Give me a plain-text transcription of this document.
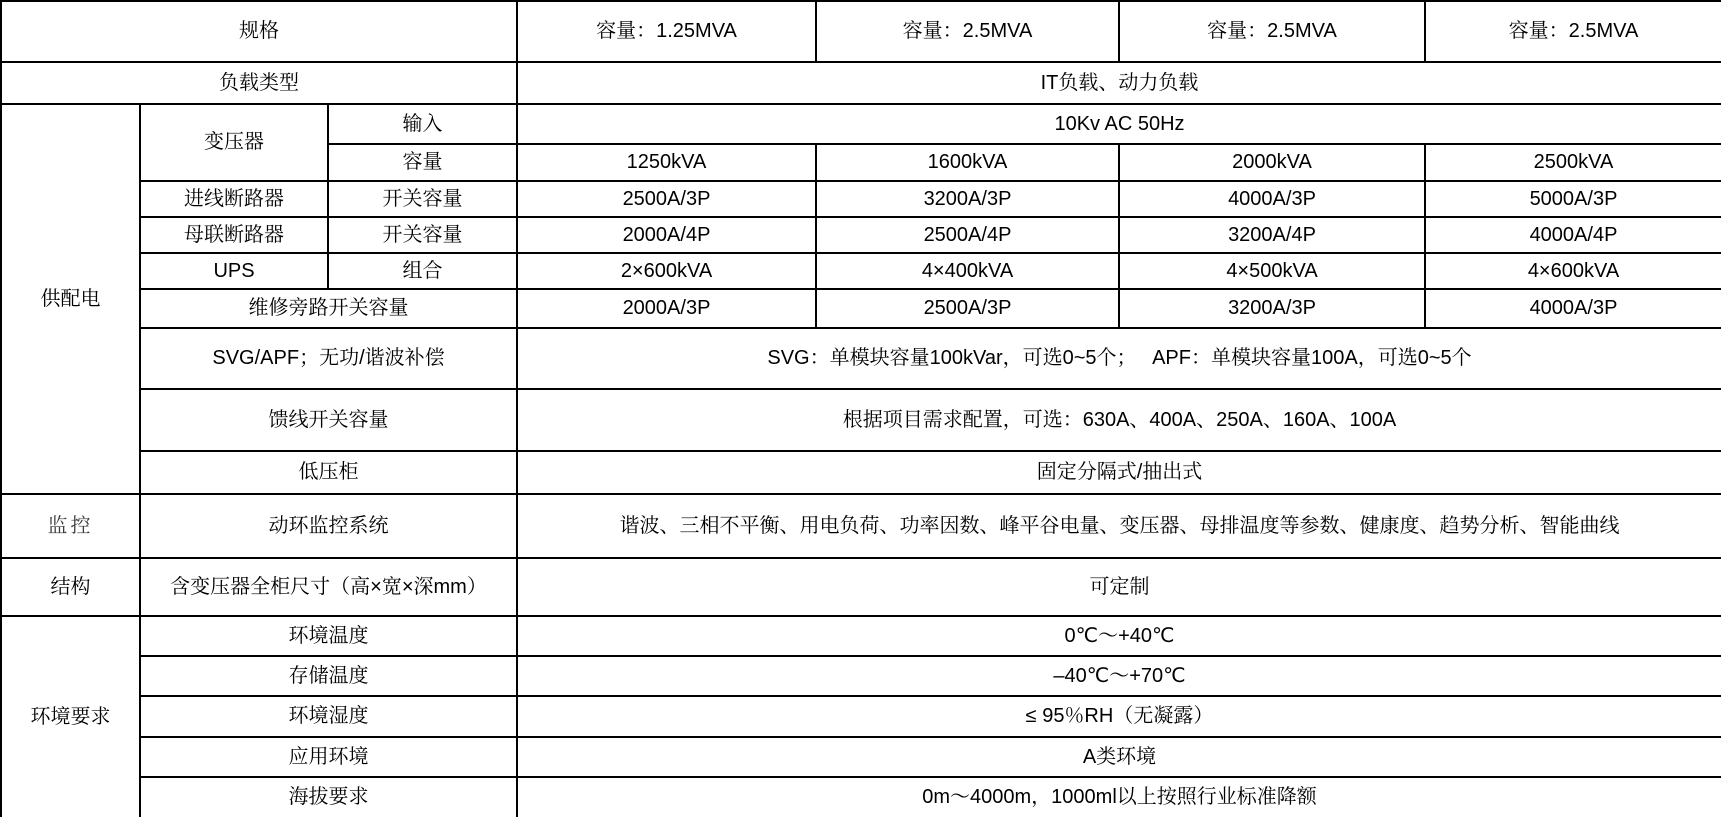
规格			容量：1.25MVA	容量：2.5MVA	容量：2.5MVA	容量：2.5MVA
负载类型			IT负载、动力负载			
供配电	变压器	输入	10Kv AC 50Hz			
		容量	1250kVA	1600kVA	2000kVA	2500kVA
	进线断路器	开关容量	2500A/3P	3200A/3P	4000A/3P	5000A/3P
	母联断路器	开关容量	2000A/4P	2500A/4P	3200A/4P	4000A/4P
	UPS	组合	2×600kVA	4×400kVA	4×500kVA	4×600kVA
	维修旁路开关容量		2000A/3P	2500A/3P	3200A/3P	4000A/3P
	SVG/APF；无功/谐波补偿		SVG：单模块容量100kVar，可选0~5个；　 APF：单模块容量100A，可选0~5个			
	馈线开关容量		根据项目需求配置，可选：630A、400A、250A、160A、100A			
	低压柜		固定分隔式/抽出式			
监控	动环监控系统		谐波、三相不平衡、用电负荷、功率因数、峰平谷电量、变压器、母排温度等参数、健康度、趋势分析、智能曲线			
结构	含变压器全柜尺寸（高×宽×深mm）		可定制			
环境要求	环境温度		0℃～+40℃			
	存储温度		–40℃～+70℃			
	环境湿度		≤ 95％RH（无凝露）			
	应用环境		A类环境			
	海拔要求		0m～4000m，1000ml以上按照行业标准降额			
